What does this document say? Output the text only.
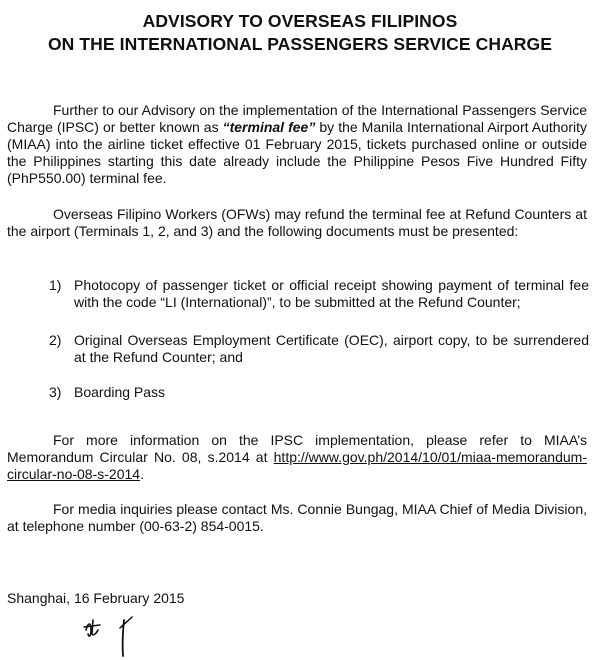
ADVISORY TO OVERSEAS FILIPINOS
ON THE INTERNATIONAL PASSENGERS SERVICE CHARGE
Further to our Advisory on the implementation of the International Passengers Service Charge (IPSC) or better known as “terminal fee” by the Manila International Airport Authority (MIAA) into the airline ticket effective 01 February 2015, tickets purchased online or outside the Philippines starting this date already include the Philippine Pesos Five Hundred Fifty (PhP550.00) terminal fee.
Overseas Filipino Workers (OFWs) may refund the terminal fee at Refund Counters at the airport (Terminals 1, 2, and 3) and the following documents must be presented:
1) Photocopy of passenger ticket or official receipt showing payment of terminal fee with the code “LI (International)”, to be submitted at the Refund Counter;
2) Original Overseas Employment Certificate (OEC), airport copy, to be surrendered at the Refund Counter; and
3) Boarding Pass
For more information on the IPSC implementation, please refer to MIAA’s Memorandum Circular No. 08, s.2014 at http://www.gov.ph/2014/10/01/miaa-memorandum-circular-no-08-s-2014.
For media inquiries please contact Ms. Connie Bungag, MIAA Chief of Media Division, at telephone number (00-63-2) 854-0015.
Shanghai, 16 February 2015
